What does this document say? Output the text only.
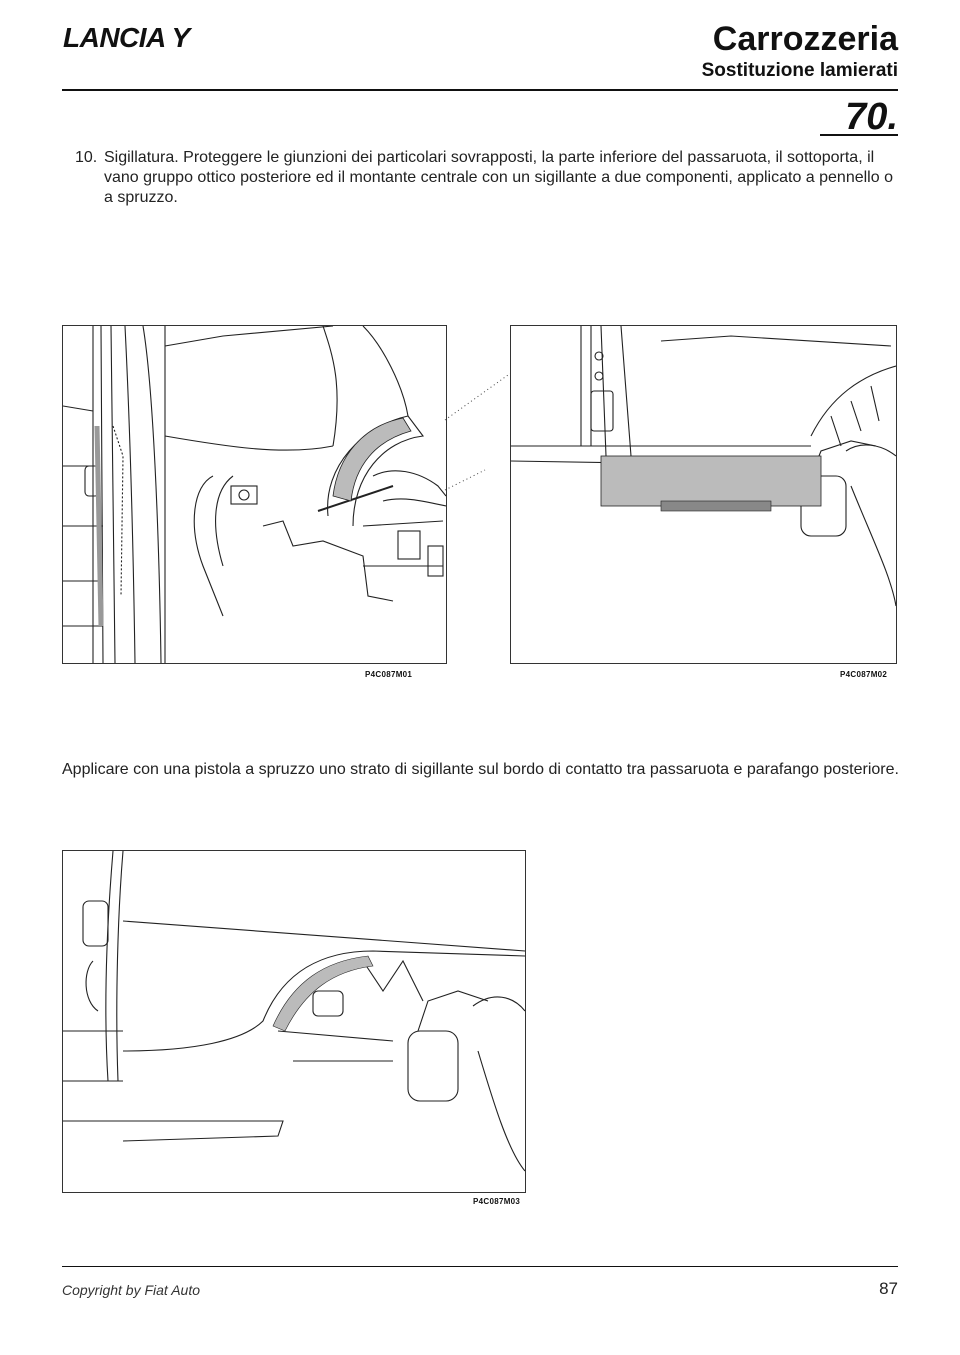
LANCIA Y	Carrozzeria
Sostituzione lamierati
70.
10. Sigillatura. Proteggere le giunzioni dei particolari sovrapposti, la parte inferiore del passaruota, il sottoporta, il vano gruppo ottico posteriore ed il montante centrale con un sigillante a due componenti, applicato a pennello o a spruzzo.
P4C087M01	P4C087M02
Applicare con una pistola a spruzzo uno strato di sigillante sul bordo di contatto tra passaruota e parafango posteriore.
P4C087M03
Copyright by Fiat Auto	87
